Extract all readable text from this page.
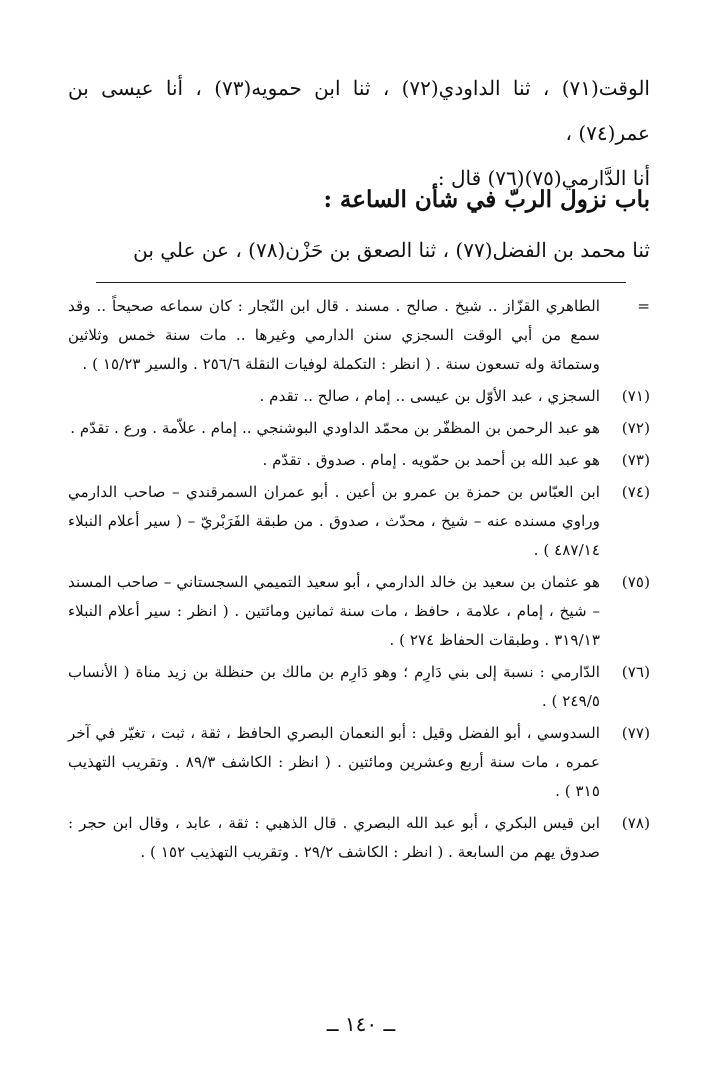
الوقت(٧١) ، ثنا الداودي(٧٢) ، ثنا ابن حمويه(٧٣) ، أنا عيسى بن عمر(٧٤) ،
أنا الدَّارمي(٧٥)(٧٦) قال :
باب نزول الربّ في شأن الساعة :
ثنا محمد بن الفضل(٧٧) ، ثنا الصعق بن حَزْن(٧٨) ، عن علي بن
=
الطاهري القزّاز .. شيخ . صالح . مسند . قال ابن النّجار : كان سماعه صحيحاً .. وقد سمع من أبي الوقت السجزي سنن الدارمي وغيرها .. مات سنة خمس وثلاثين وستمائة وله تسعون سنة . ( انظر : التكملة لوفيات النقلة ٢٥٦/٦ . والسير ١٥/٢٣ ) .
(٧١)
السجزي ، عبد الأوّل بن عيسى .. إمام ، صالح .. تقدم .
(٧٢)
هو عبد الرحمن بن المظفّر بن محمّد الداودي البوشنجي .. إمام . علاّمة . ورع . تقدّم .
(٧٣)
هو عبد الله بن أحمد بن حمّويه . إمام . صدوق . تقدّم .
(٧٤)
ابن العبّاس بن حمزة بن عمرو بن أعين . أبو عمران السمرقندي – صاحب الدارمي وراوي مسنده عنه – شيخ ، محدّث ، صدوق . من طبقة الفَرَبْريّ – ( سير أعلام النبلاء ٤٨٧/١٤ ) .
(٧٥)
هو عثمان بن سعيد بن خالد الدارمي ، أبو سعيد التميمي السجستاني – صاحب المسند – شيخ ، إمام ، علامة ، حافظ ، مات سنة ثمانين ومائتين . ( انظر : سير أعلام النبلاء ٣١٩/١٣ . وطبقات الحفاظ ٢٧٤ ) .
(٧٦)
الدّارمي : نسبة إلى بني دَارِم ؛ وهو دَارِم بن مالك بن حنظلة بن زيد مناة ( الأنساب ٢٤٩/٥ ) .
(٧٧)
السدوسي ، أبو الفضل وقيل : أبو النعمان البصري الحافظ ، ثقة ، ثبت ، تغيّر في آخر عمره ، مات سنة أربع وعشرين ومائتين . ( انظر : الكاشف ٨٩/٣ . وتقريب التهذيب ٣١٥ ) .
(٧٨)
ابن قيس البكري ، أبو عبد الله البصري . قال الذهبي : ثقة ، عابد ، وقال ابن حجر : صدوق يهم من السابعة . ( انظر : الكاشف ٢٩/٢ . وتقريب التهذيب ١٥٢ ) .
ــ ١٤٠ ــ
